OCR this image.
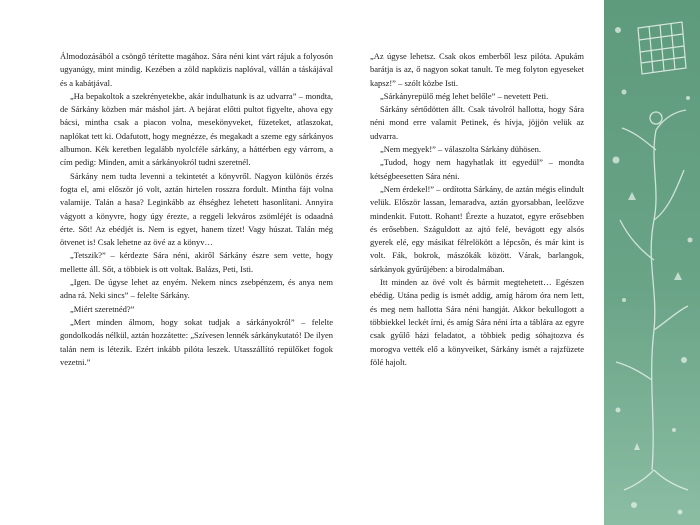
Álmodozásából a csöngő térítette magához. Sára néni kint várt rájuk a folyosón ugyanúgy, mint mindig. Kezében a zöld napközis naplóval, vállán a táskájával és a kabátjával.

„Ha bepakoltok a szekrényetekbe, akár indulhatunk is az udvarra” – mondta, de Sárkány közben már máshol járt. A bejárat előtti pultot figyelte, ahova egy bácsi, mintha csak a piacon volna, mesekönyveket, füzeteket, atlaszokat, naplókat tett ki. Odafutott, hogy megnézze, és megakadt a szeme egy sárkányos albumon. Kék keretben legalább nyolcféle sárkány, a háttérben egy várrom, a cím pedig: Minden, amit a sárkányokról tudni szeretnél.

Sárkány nem tudta levenni a tekintetét a könyvről. Nagyon különös érzés fogta el, ami először jó volt, aztán hirtelen rosszra fordult. Mintha fájt volna valamije. Talán a hasa? Leginkább az éhséghez lehetett hasonlítani. Annyira vágyott a könyvre, hogy úgy érezte, a reggeli lekváros zsömléjét is odaadná érte. Sőt! Az ebédjét is. Nem is egyet, hanem tízet! Vagy húszat. Talán még ötvenet is! Csak lehetne az övé az a könyv…

„Tetszik?” – kérdezte Sára néni, akiről Sárkány észre sem vette, hogy mellette áll. Sőt, a többiek is ott voltak. Balázs, Peti, Isti.

„Igen. De úgyse lehet az enyém. Nekem nincs zsebpénzem, és anya nem adna rá. Neki sincs” – felelte Sárkány.

„Miért szeretnéd?”

„Mert minden álmom, hogy sokat tudjak a sárkányokról” – felelte gondolkodás nélkül, aztán hozzátette: „Szívesen lennék sárkánykutató! De ilyen talán nem is létezik. Ezért inkább pilóta leszek. Utasszállító repülőket fogok vezetni.”

„Az úgyse lehetsz. Csak okos emberből lesz pilóta. Apukám barátja is az, ő nagyon sokat tanult. Te meg folyton egyeseket kapsz!” – szólt közbe Isti.

„Sárkányrepülő még lehet belőle” – nevetett Peti.

Sárkány sértődötten állt. Csak távolról hallotta, hogy Sára néni mond erre valamit Petinek, és hívja, jöjjön velük az udvarra.

„Nem megyek!” – válaszolta Sárkány dühösen.

„Tudod, hogy nem hagyhatlak itt egyedül” – mondta kétségbeesetten Sára néni.

„Nem érdekel!” – ordította Sárkány, de aztán mégis elindult velük. Először lassan, lemaradva, aztán gyorsabban, leelőzve mindenkit. Futott. Rohant! Érezte a huzatot, egyre erősebben és erősebben. Száguldott az ajtó felé, bevágott egy alsós gyerek elé, egy másikat félrelökött a lépcsőn, és már kint is volt. Fák, bokrok, mászókák között. Várak, barlangok, sárkányok gyűrűjében: a birodalmában.

Itt minden az övé volt és bármit megtehetett… Egészen ebédig. Utána pedig is ismét addig, amíg három óra nem lett, és meg nem hallotta Sára néni hangját. Akkor bekullogott a többiekkel leckét írni, és amíg Sára néni írta a táblára az egyre csak gyűlő házi feladatot, a többiek pedig sóhajtozva és morogva vették elő a könyveiket, Sárkány ismét a rajzfüzete fölé hajolt.
